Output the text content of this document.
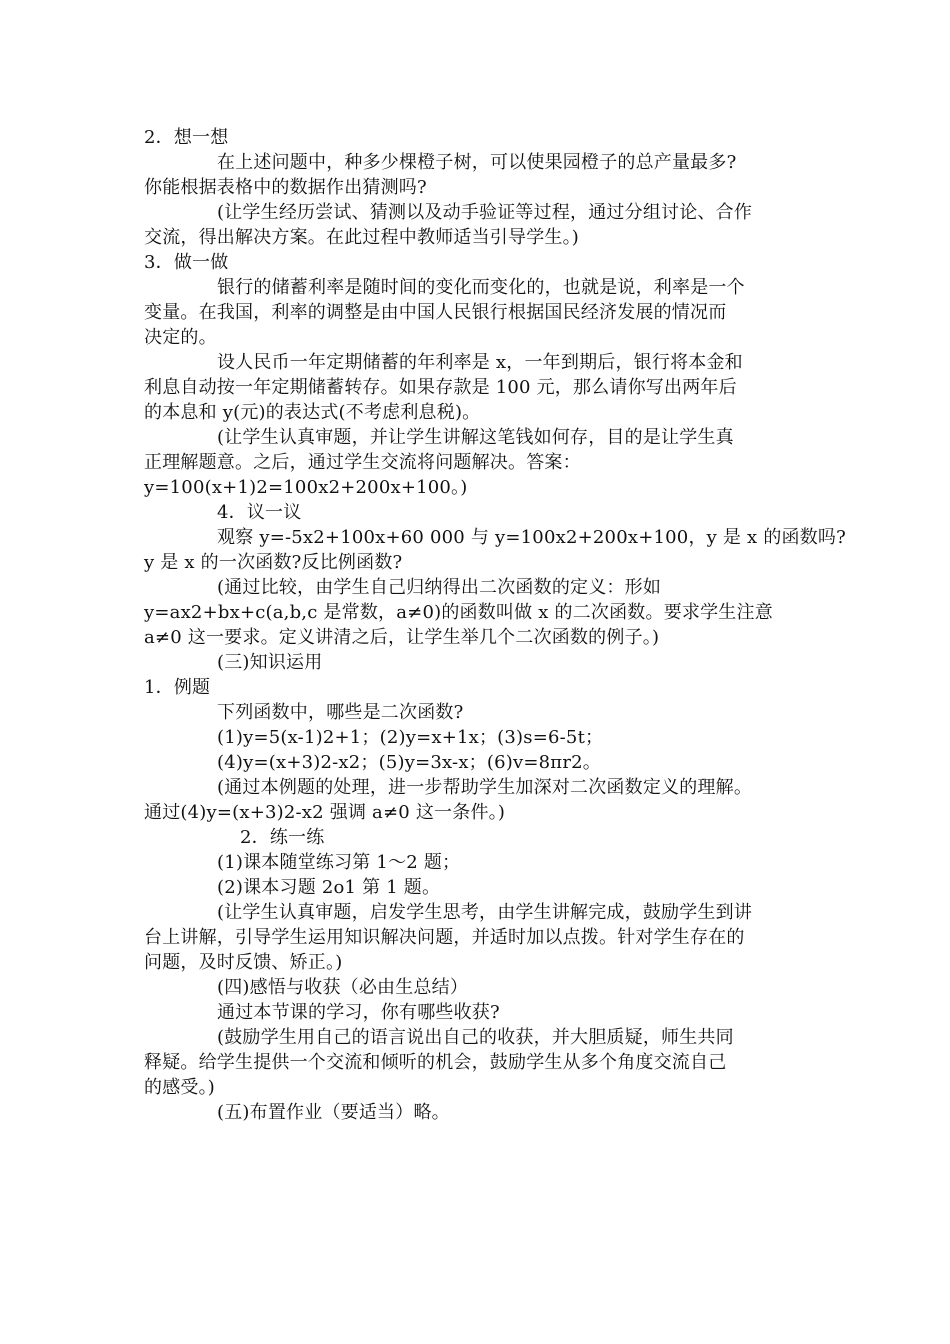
2．想一想
在上述问题中，种多少棵橙子树，可以使果园橙子的总产量最多?
你能根据表格中的数据作出猜测吗?
(让学生经历尝试、猜测以及动手验证等过程，通过分组讨论、合作
交流，得出解决方案。在此过程中教师适当引导学生。)
3．做一做
银行的储蓄利率是随时间的变化而变化的，也就是说，利率是一个
变量。在我国，利率的调整是由中国人民银行根据国民经济发展的情况而
决定的。
设人民币一年定期储蓄的年利率是 x，一年到期后，银行将本金和
利息自动按一年定期储蓄转存。如果存款是 100 元，那么请你写出两年后
的本息和 y(元)的表达式(不考虑利息税)。
(让学生认真审题，并让学生讲解这笔钱如何存，目的是让学生真
正理解题意。之后，通过学生交流将问题解决。答案：
y=100(x+1)2=100x2+200x+100。)
4．议一议
观察 y=-5x2+100x+60 000 与 y=100x2+200x+100，y 是 x 的函数吗?
y 是 x 的一次函数?反比例函数?
(通过比较，由学生自己归纳得出二次函数的定义：形如
y=ax2+bx+c(a,b,c 是常数，a≠0)的函数叫做 x 的二次函数。要求学生注意
a≠0 这一要求。定义讲清之后，让学生举几个二次函数的例子。)
(三)知识运用
1．例题
下列函数中，哪些是二次函数?
(1)y=5(x-1)2+1；(2)y=x+1x；(3)s=6-5t；
(4)y=(x+3)2-x2；(5)y=3x-x；(6)v=8πr2。
(通过本例题的处理，进一步帮助学生加深对二次函数定义的理解。
通过(4)y=(x+3)2-x2 强调 a≠0 这一条件。)
2．练一练
(1)课本随堂练习第 1～2 题；
(2)课本习题 2o1 第 1 题。
(让学生认真审题，启发学生思考，由学生讲解完成，鼓励学生到讲
台上讲解，引导学生运用知识解决问题，并适时加以点拨。针对学生存在的
问题，及时反馈、矫正。)
(四)感悟与收获（必由生总结）
通过本节课的学习，你有哪些收获?
(鼓励学生用自己的语言说出自己的收获，并大胆质疑，师生共同
释疑。给学生提供一个交流和倾听的机会，鼓励学生从多个角度交流自己
的感受。)
(五)布置作业（要适当）略。
